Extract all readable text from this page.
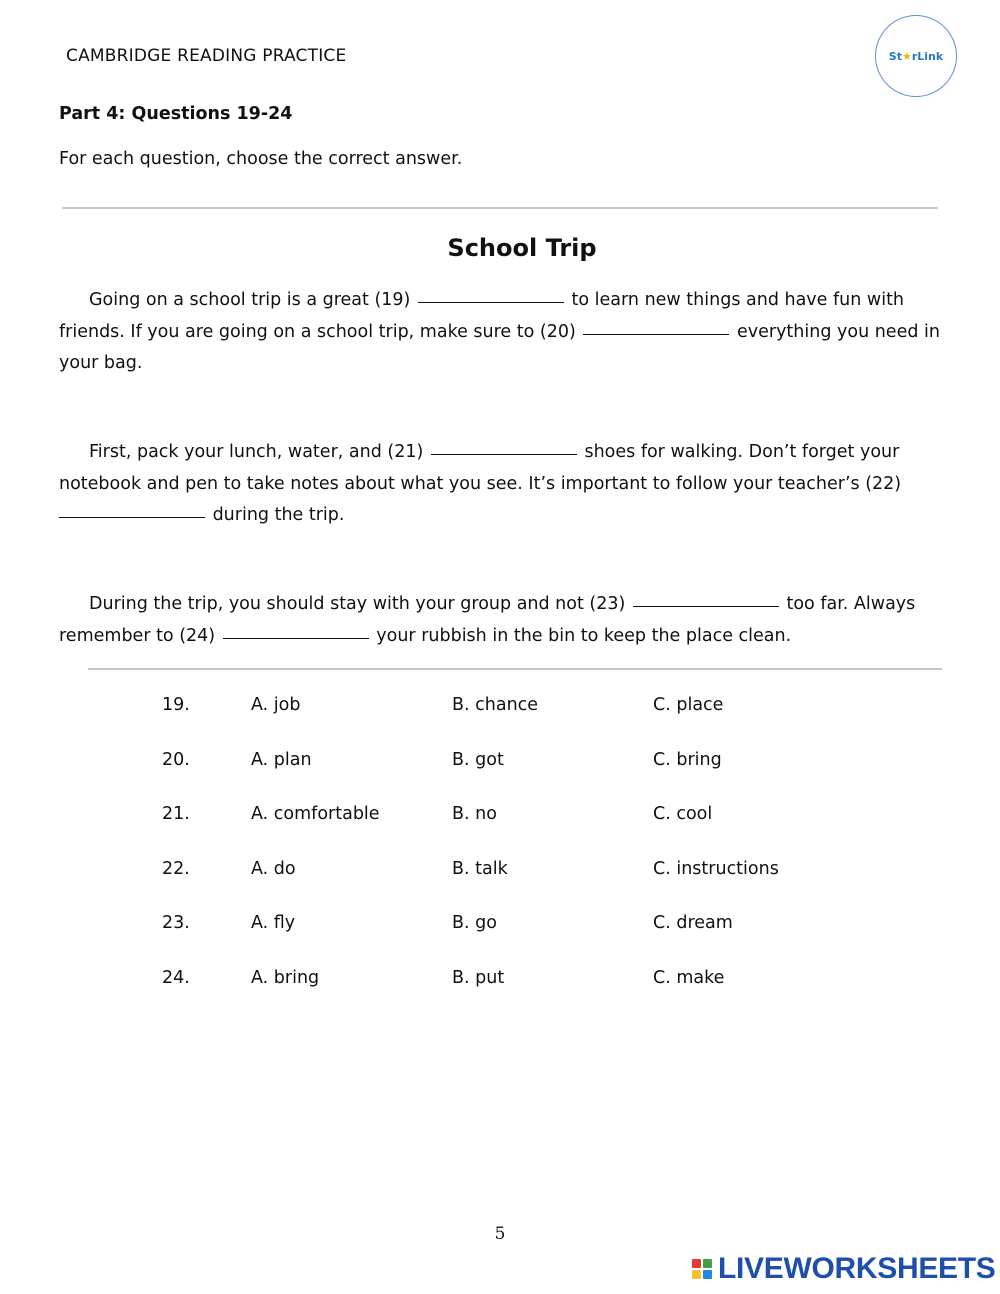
CAMBRIDGE READING PRACTICE	St★rLink
Part 4: Questions 19-24
For each question, choose the correct answer.
School Trip

Going on a school trip is a great (19)	to learn new things and have fun with friends. If you are going on a school trip, make sure to (20)	everything you need in your bag.

First, pack your lunch, water, and (21)	shoes for walking. Don’t forget your notebook and pen to take notes about what you see. It’s important to follow your teacher’s (22)  during the trip.

During the trip, you should stay with your group and not (23)	too far. Always remember to (24)	your rubbish in the bin to keep the place clean.

19.	A. job	B. chance	C. place
20.	A. plan	B. got	C. bring
21.	A. comfortable	B. no	C. cool
22.	A. do	B. talk	C. instructions
23.	A. fly	B. go	C. dream
24.	A. bring	B. put	C. make
5
LIVEWORKSHEETS
